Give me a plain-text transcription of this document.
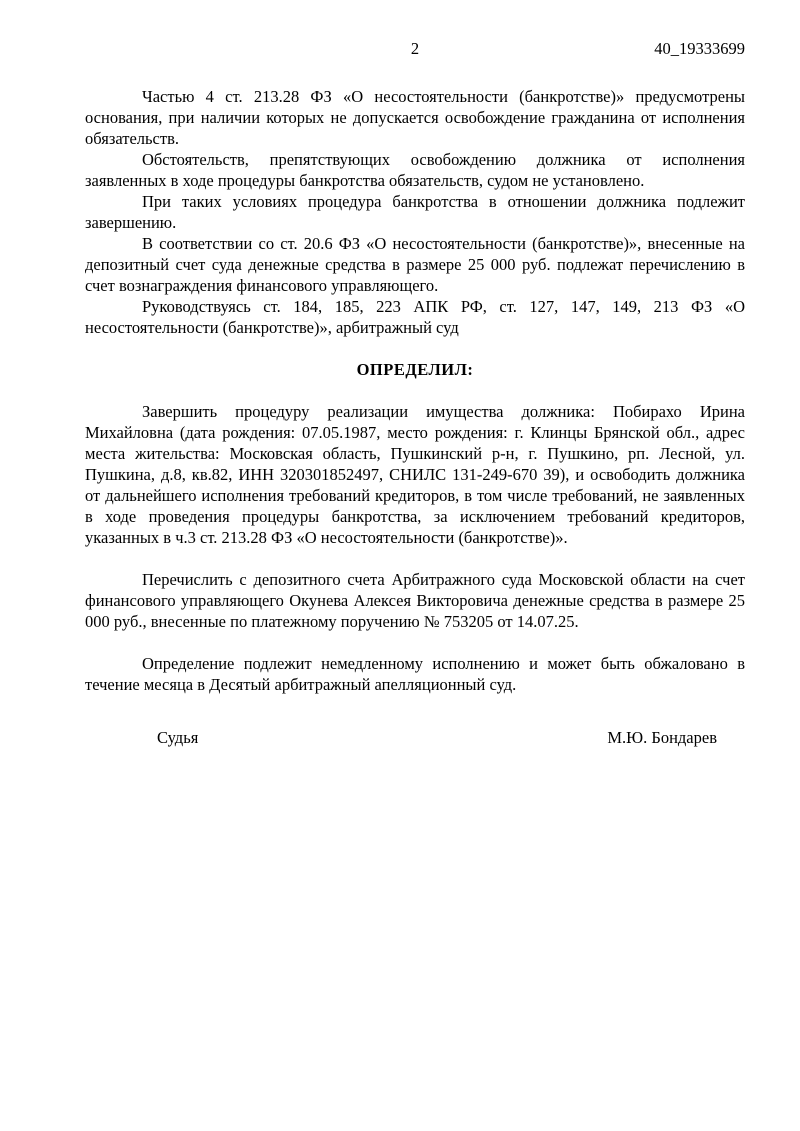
2	40_19333699

Частью 4 ст. 213.28 ФЗ «О несостоятельности (банкротстве)» предусмотрены основания, при наличии которых не допускается освобождение гражданина от исполнения обязательств.

Обстоятельств, препятствующих освобождению должника от исполнения заявленных в ходе процедуры банкротства обязательств, судом не установлено.

При таких условиях процедура банкротства в отношении должника подлежит завершению.

В соответствии со ст. 20.6 ФЗ «О несостоятельности (банкротстве)», внесенные на депозитный счет суда денежные средства в размере 25 000 руб. подлежат перечислению в счет вознаграждения финансового управляющего.

Руководствуясь ст. 184, 185, 223 АПК РФ, ст. 127, 147, 149, 213 ФЗ «О несостоятельности (банкротстве)», арбитражный суд

ОПРЕДЕЛИЛ:

Завершить процедуру реализации имущества должника: Побирахо Ирина Михайловна (дата рождения: 07.05.1987, место рождения: г. Клинцы Брянской обл., адрес места жительства: Московская область, Пушкинский р-н, г. Пушкино, рп. Лесной, ул. Пушкина, д.8, кв.82, ИНН 320301852497, СНИЛС 131-249-670 39), и освободить должника от дальнейшего исполнения требований кредиторов, в том числе требований, не заявленных в ходе проведения процедуры банкротства, за исключением требований кредиторов, указанных в ч.3 ст. 213.28 ФЗ «О несостоятельности (банкротстве)».

Перечислить с депозитного счета Арбитражного суда Московской области на счет финансового управляющего Окунева Алексея Викторовича денежные средства в размере 25 000 руб., внесенные по платежному поручению № 753205 от 14.07.25.

Определение подлежит немедленному исполнению и может быть обжаловано в течение месяца в Десятый арбитражный апелляционный суд.

Судья	М.Ю. Бондарев
